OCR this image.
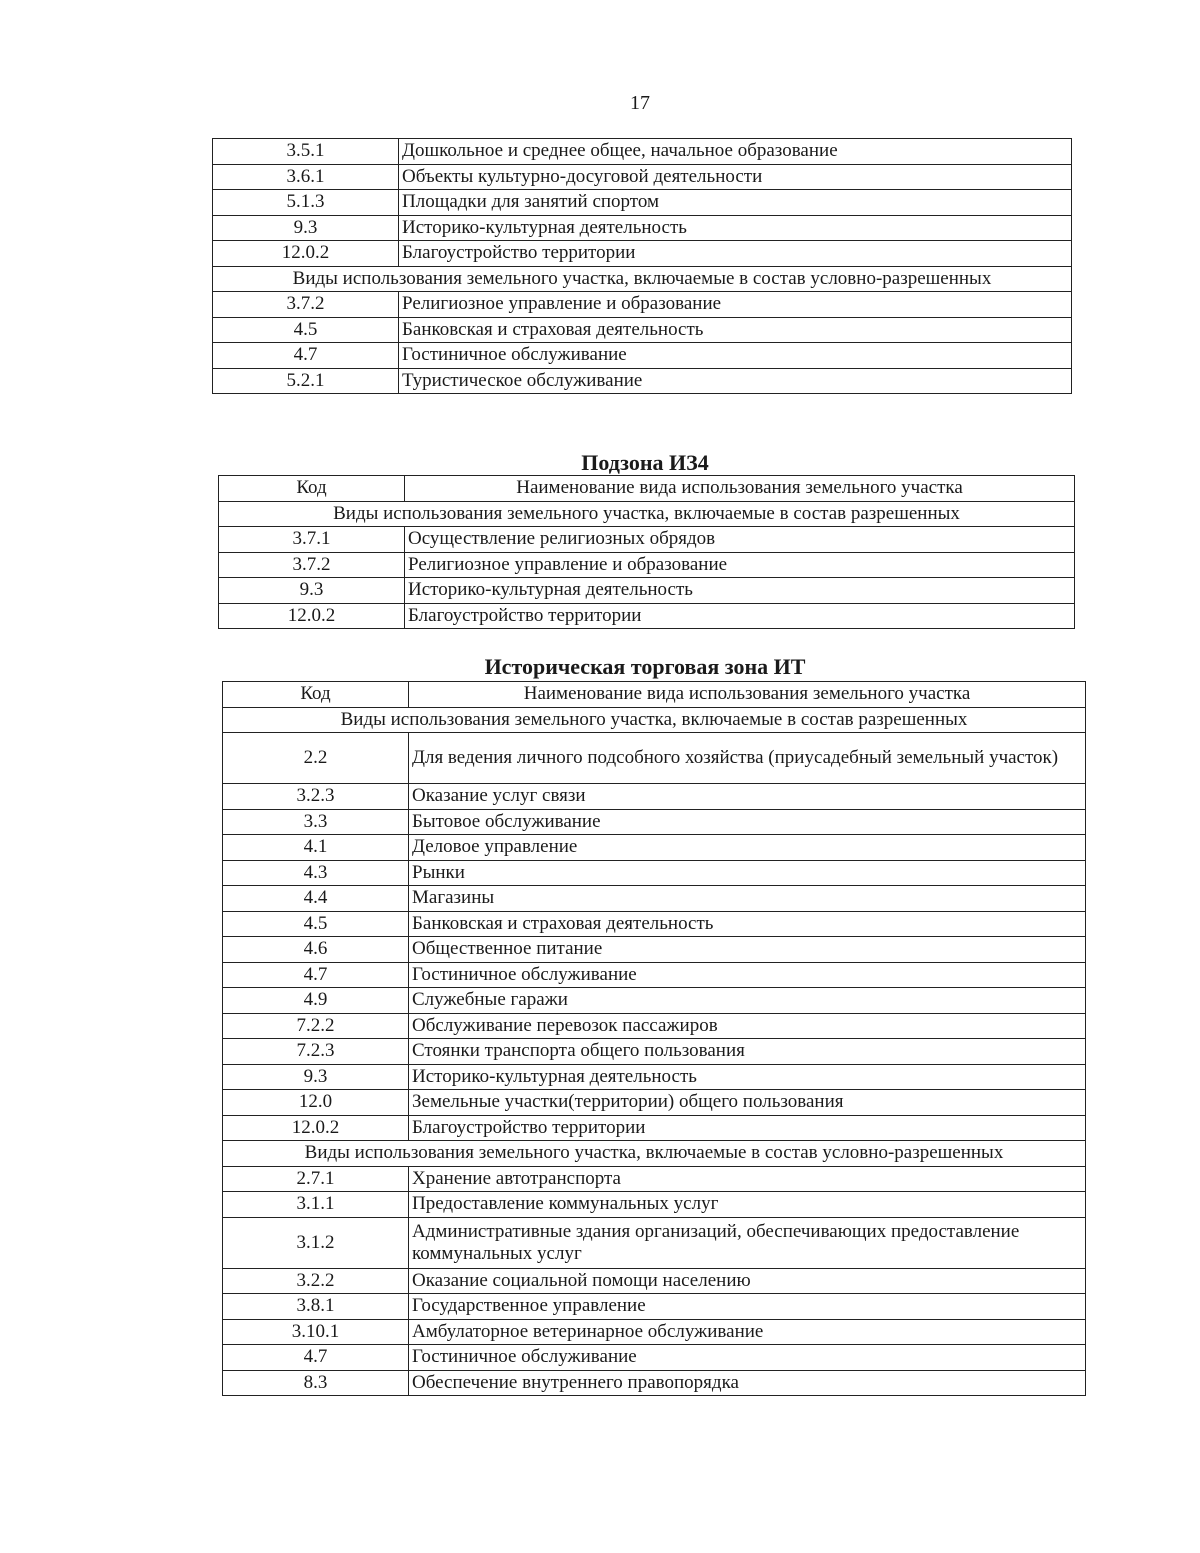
17
3.5.1	Дошкольное и среднее общее, начальное образование
3.6.1	Объекты культурно-досуговой деятельности
5.1.3	Площадки для занятий спортом
9.3	Историко-культурная деятельность
12.0.2	Благоустройство территории
Виды использования земельного участка, включаемые в состав условно-разрешенных	
3.7.2	Религиозное управление и образование
4.5	Банковская и страховая деятельность
4.7	Гостиничное обслуживание
5.2.1	Туристическое обслуживание
Подзона ИЗ4
Код	Наименование вида использования земельного участка
Виды использования земельного участка, включаемые в состав разрешенных	
3.7.1	Осуществление религиозных обрядов
3.7.2	Религиозное управление и образование
9.3	Историко-культурная деятельность
12.0.2	Благоустройство территории
Историческая торговая зона ИТ
Код	Наименование вида использования земельного участка
Виды использования земельного участка, включаемые в состав разрешенных	
2.2	Для ведения личного подсобного хозяйства (приусадебный земельный участок)
3.2.3	Оказание услуг связи
3.3	Бытовое обслуживание
4.1	Деловое управление
4.3	Рынки
4.4	Магазины
4.5	Банковская и страховая деятельность
4.6	Общественное питание
4.7	Гостиничное обслуживание
4.9	Служебные гаражи
7.2.2	Обслуживание перевозок пассажиров
7.2.3	Стоянки транспорта общего пользования
9.3	Историко-культурная деятельность
12.0	Земельные участки(территории) общего пользования
12.0.2	Благоустройство территории
Виды использования земельного участка, включаемые в состав условно-разрешенных	
2.7.1	Хранение автотранспорта
3.1.1	Предоставление коммунальных услуг
3.1.2	Административные здания организаций, обеспечивающих предоставление коммунальных услуг
3.2.2	Оказание социальной помощи населению
3.8.1	Государственное управление
3.10.1	Амбулаторное ветеринарное обслуживание
4.7	Гостиничное обслуживание
8.3	Обеспечение внутреннего правопорядка
